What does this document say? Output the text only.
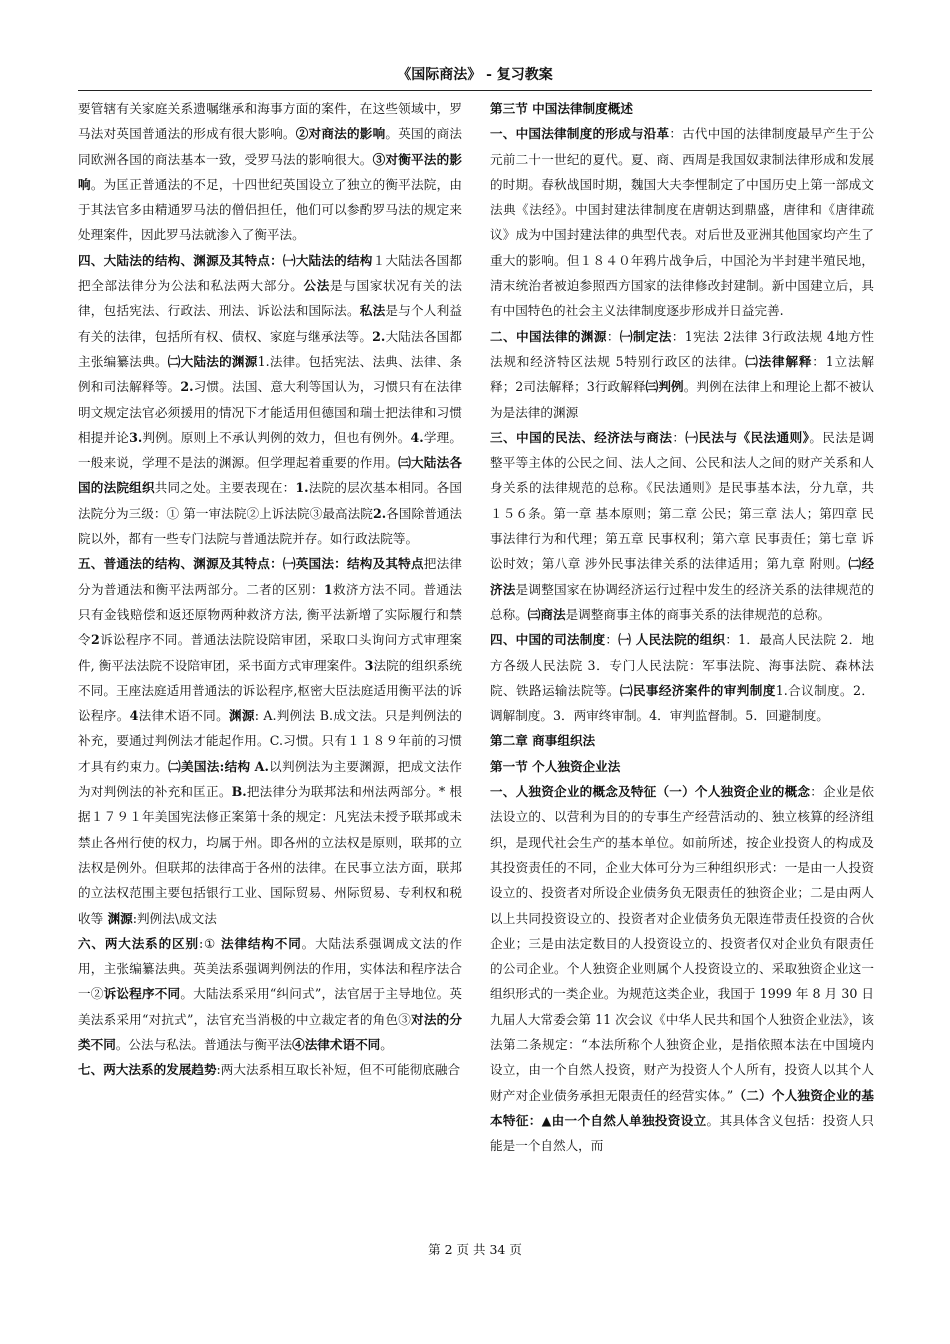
《国际商法》 - 复习教案

要管辖有关家庭关系遗嘱继承和海事方面的案件，在这些领域中，罗马法对英国普通法的形成有很大影响。②对商法的影响。英国的商法同欧洲各国的商法基本一致，受罗马法的影响很大。③对衡平法的影响。为匡正普通法的不足，十四世纪英国设立了独立的衡平法院，由于其法官多由精通罗马法的僧侣担任，他们可以参酌罗马法的规定来处理案件，因此罗马法就渗入了衡平法。

四、大陆法的结构、渊源及其特点：㈠大陆法的结构１大陆法各国都把全部法律分为公法和私法两大部分。公法是与国家状况有关的法律，包括宪法、行政法、刑法、诉讼法和国际法。私法是与个人利益有关的法律，包括所有权、债权、家庭与继承法等。2.大陆法各国都主张编纂法典。㈡大陆法的渊源1.法律。包括宪法、法典、法律、条例和司法解释等。2.习惯。法国、意大利等国认为，习惯只有在法律明文规定法官必须援用的情况下才能适用但德国和瑞士把法律和习惯相提并论3.判例。原则上不承认判例的效力，但也有例外。4.学理。一般来说，学理不是法的渊源。但学理起着重要的作用。㈢大陆法各国的法院组织共同之处。主要表现在：1.法院的层次基本相同。各国法院分为三级：① 第一审法院②上诉法院③最高法院2.各国除普通法院以外，都有一些专门法院与普通法院并存。如行政法院等。

五、普通法的结构、渊源及其特点：㈠英国法：结构及其特点把法律分为普通法和衡平法两部分。二者的区别：1救济方法不同。普通法只有金钱赔偿和返还原物两种救济方法, 衡平法新增了实际履行和禁令2诉讼程序不同。普通法法院设陪审团，采取口头询问方式审理案件, 衡平法法院不设陪审团，采书面方式审理案件。3法院的组织系统不同。王座法庭适用普通法的诉讼程序,枢密大臣法庭适用衡平法的诉讼程序。4法律术语不同。渊源: A.判例法 B.成文法。只是判例法的补充，要通过判例法才能起作用。C.习惯。只有１１８９年前的习惯才具有约束力。㈡美国法:结构 A.以判例法为主要渊源，把成文法作为对判例法的补充和匡正。B.把法律分为联邦法和州法两部分。* 根据１７９１年美国宪法修正案第十条的规定：凡宪法未授予联邦或未禁止各州行使的权力，均属于州。即各州的立法权是原则，联邦的立法权是例外。但联邦的法律高于各州的法律。在民事立法方面，联邦的立法权范围主要包括银行工业、国际贸易、州际贸易、专利权和税收等 渊源:判例法\成文法

六、两大法系的区别:① 法律结构不同。大陆法系强调成文法的作用，主张编纂法典。英美法系强调判例法的作用，实体法和程序法合一②诉讼程序不同。大陆法系采用“纠问式”，法官居于主导地位。英美法系采用“对抗式”，法官充当消极的中立裁定者的角色③对法的分类不同。公法与私法。普通法与衡平法④法律术语不同。

七、两大法系的发展趋势:两大法系相互取长补短，但不可能彻底融合

第三节 中国法律制度概述

一、中国法律制度的形成与沿革：古代中国的法律制度最早产生于公元前二十一世纪的夏代。夏、商、西周是我国奴隶制法律形成和发展的时期。春秋战国时期，魏国大夫李悝制定了中国历史上第一部成文法典《法经》。中国封建法律制度在唐朝达到鼎盛，唐律和《唐律疏议》成为中国封建法律的典型代表。对后世及亚洲其他国家均产生了重大的影响。但１８４０年鸦片战争后，中国沦为半封建半殖民地，清末统治者被迫参照西方国家的法律修改封建制。新中国建立后，具有中国特色的社会主义法律制度逐步形成并日益完善.

二、中国法律的渊源：㈠制定法：1宪法 2法律 3行政法规 4地方性法规和经济特区法规 5特别行政区的法律。㈡法律解释：1立法解释；2司法解释；3行政解释㈢判例。判例在法律上和理论上都不被认为是法律的渊源

三、中国的民法、经济法与商法：㈠民法与《民法通则》。民法是调整平等主体的公民之间、法人之间、公民和法人之间的财产关系和人身关系的法律规范的总称。《民法通则》是民事基本法，分九章，共１５６条。第一章 基本原则；第二章 公民；第三章 法人；第四章 民事法律行为和代理；第五章 民事权利；第六章 民事责任；第七章 诉讼时效；第八章 涉外民事法律关系的法律适用；第九章 附则。㈡经济法是调整国家在协调经济运行过程中发生的经济关系的法律规范的总称。㈢商法是调整商事主体的商事关系的法律规范的总称。

四、中国的司法制度：㈠ 人民法院的组织：1．最高人民法院 2．地方各级人民法院 3．专门人民法院：军事法院、海事法院、森林法院、铁路运输法院等。㈡民事经济案件的审判制度1.合议制度。2．调解制度。3．两审终审制。4．审判监督制。5．回避制度。

第二章 商事组织法

第一节 个人独资企业法

一、人独资企业的概念及特征（一）个人独资企业的概念：企业是依法设立的、以营利为目的的专事生产经营活动的、独立核算的经济组织，是现代社会生产的基本单位。如前所述，按企业投资人的构成及其投资责任的不同，企业大体可分为三种组织形式：一是由一人投资设立的、投资者对所设企业债务负无限责任的独资企业；二是由两人以上共同投资设立的、投资者对企业债务负无限连带责任投资的合伙企业；三是由法定数目的人投资设立的、投资者仅对企业负有限责任的公司企业。个人独资企业则属个人投资设立的、采取独资企业这一组织形式的一类企业。为规范这类企业，我国于 1999 年 8 月 30 日九届人大常委会第 11 次会议《中华人民共和国个人独资企业法》，该法第二条规定：“本法所称个人独资企业，是指依照本法在中国境内设立，由一个自然人投资，财产为投资人个人所有，投资人以其个人财产对企业债务承担无限责任的经营实体。”（二）个人独资企业的基本特征：▲由一个自然人单独投资设立。其具体含义包括：投资人只能是一个自然人，而

第 2 页 共 34 页
